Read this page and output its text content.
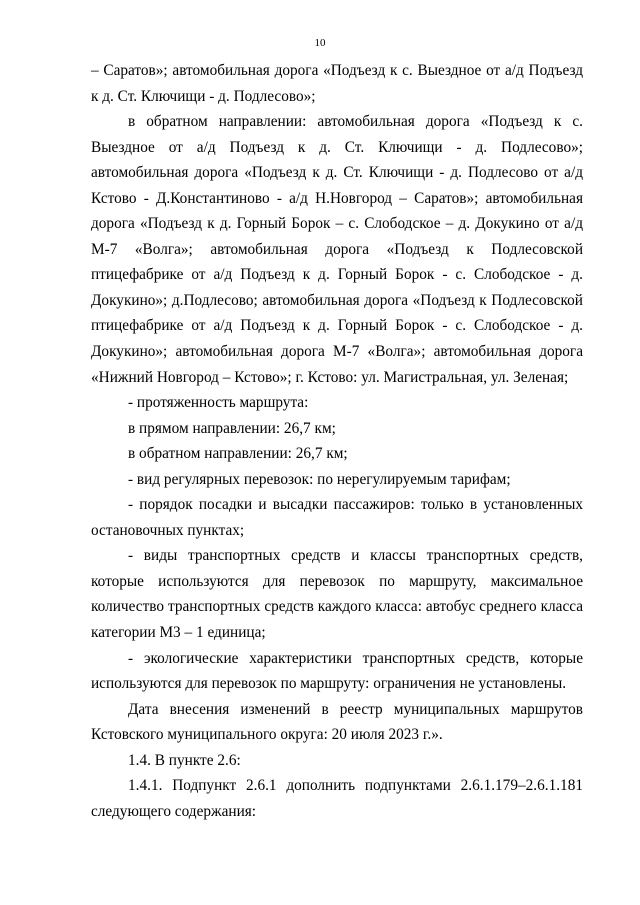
10

– Саратов»; автомобильная дорога «Подъезд к с. Выездное от а/д Подъезд к д. Ст. Ключищи - д. Подлесово»;

в обратном направлении: автомобильная дорога «Подъезд к с. Выездное от а/д Подъезд к д. Ст. Ключищи - д. Подлесово»; автомобильная дорога «Подъезд к д. Ст. Ключищи - д. Подлесово от а/д Кстово - Д.Константиново - а/д Н.Новгород – Саратов»; автомобильная дорога «Подъезд к д. Горный Борок – с. Слободское – д. Докукино от а/д М-7 «Волга»; автомобильная дорога «Подъезд к Подлесовской птицефабрике от а/д Подъезд к д. Горный Борок - с. Слободское - д. Докукино»; д.Подлесово; автомобильная дорога «Подъезд к Подлесовской птицефабрике от а/д Подъезд к д. Горный Борок - с. Слободское - д. Докукино»; автомобильная дорога М-7 «Волга»; автомобильная дорога «Нижний Новгород – Кстово»; г. Кстово: ул. Магистральная, ул. Зеленая;

- протяженность маршрута:

в прямом направлении: 26,7 км;

в обратном направлении: 26,7 км;

- вид регулярных перевозок: по нерегулируемым тарифам;

- порядок посадки и высадки пассажиров: только в установленных остановочных пунктах;

- виды транспортных средств и классы транспортных средств, которые используются для перевозок по маршруту, максимальное количество транспортных средств каждого класса: автобус среднего класса категории М3 – 1 единица;

- экологические характеристики транспортных средств, которые используются для перевозок по маршруту: ограничения не установлены.

Дата внесения изменений в реестр муниципальных маршрутов Кстовского муниципального округа: 20 июля 2023 г.».

1.4. В пункте 2.6:

1.4.1. Подпункт 2.6.1 дополнить подпунктами 2.6.1.179–2.6.1.181 следующего содержания:
